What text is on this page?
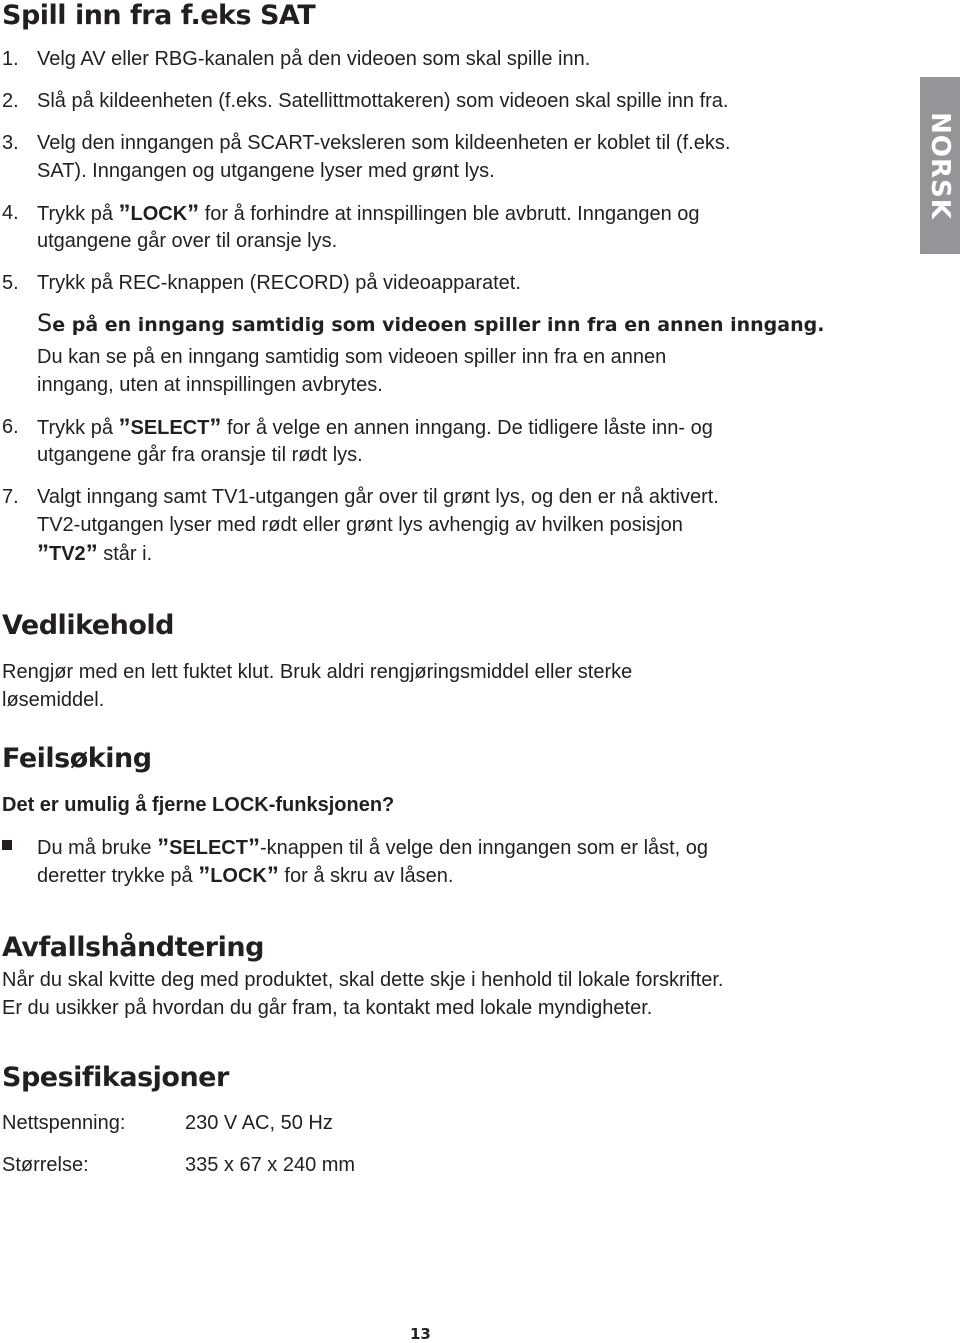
NORSK
Spill inn fra f.eks SAT
1. Velg AV eller RBG-kanalen på den videoen som skal spille inn.
2. Slå på kildeenheten (f.eks. Satellittmottakeren) som videoen skal spille inn fra.
3. Velg den inngangen på SCART-veksleren som kildeenheten er koblet til (f.eks.
SAT). Inngangen og utgangene lyser med grønt lys.
4. Trykk på ”LOCK” for å forhindre at innspillingen ble avbrutt. Inngangen og
utgangene går over til oransje lys.
5. Trykk på REC-knappen (RECORD) på videoapparatet.
Se på en inngang samtidig som videoen spiller inn fra en annen inngang.
Du kan se på en inngang samtidig som videoen spiller inn fra en annen
inngang, uten at innspillingen avbrytes.
6. Trykk på ”SELECT” for å velge en annen inngang. De tidligere låste inn- og
utgangene går fra oransje til rødt lys.
7. Valgt inngang samt TV1-utgangen går over til grønt lys, og den er nå aktivert.
TV2-utgangen lyser med rødt eller grønt lys avhengig av hvilken posisjon
”TV2” står i.
Vedlikehold
Rengjør med en lett fuktet klut. Bruk aldri rengjøringsmiddel eller sterke
løsemiddel.
Feilsøking
Det er umulig å fjerne LOCK-funksjonen?
Du må bruke ”SELECT”-knappen til å velge den inngangen som er låst, og
deretter trykke på ”LOCK” for å skru av låsen.
Avfallshåndtering
Når du skal kvitte deg med produktet, skal dette skje i henhold til lokale forskrifter.
Er du usikker på hvordan du går fram, ta kontakt med lokale myndigheter.
Spesifikasjoner
Nettspenning:	230 V AC, 50 Hz
Størrelse:	335 x 67 x 240 mm
13
